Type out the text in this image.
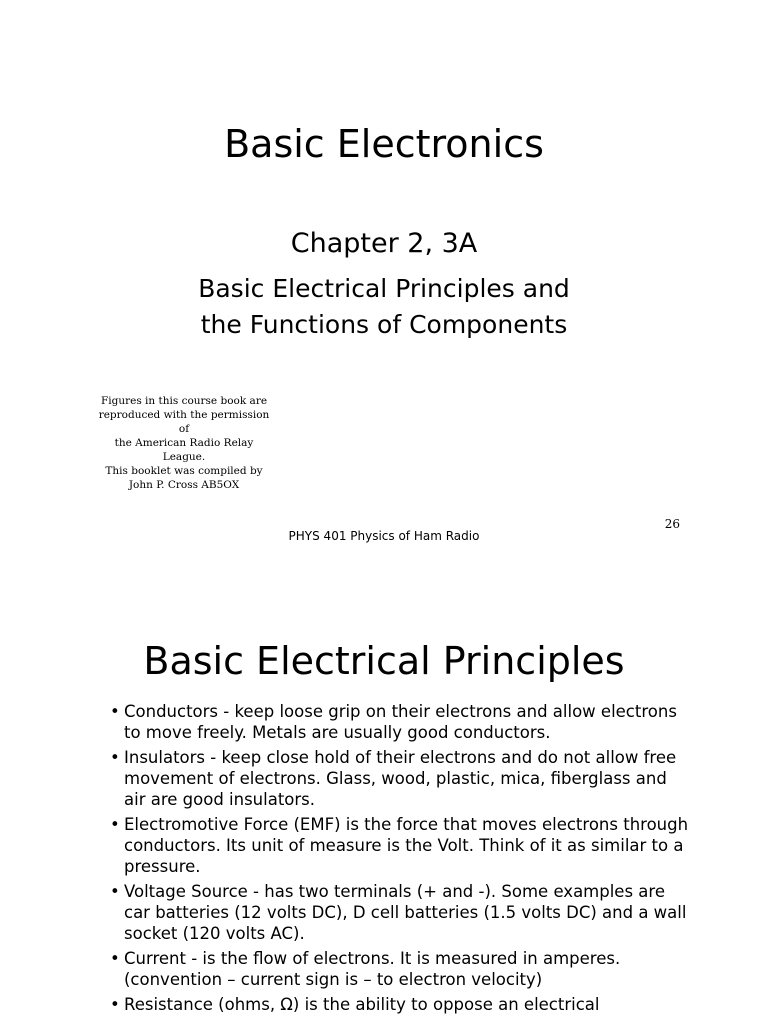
Basic Electronics
Chapter 2, 3A
Basic Electrical Principles and
the Functions of Components
Figures in this course book are
reproduced with the permission of
the American Radio Relay League.
This booklet was compiled by
John P. Cross AB5OX
26
PHYS 401 Physics of Ham Radio
Basic Electrical Principles
• Conductors - keep loose grip on their electrons and allow electrons to move freely. Metals are usually good conductors.
• Insulators - keep close hold of their electrons and do not allow free movement of electrons. Glass, wood, plastic, mica, fiberglass and air are good insulators.
• Electromotive Force (EMF) is the force that moves electrons through conductors. Its unit of measure is the Volt. Think of it as similar to a pressure.
• Voltage Source - has two terminals (+ and -). Some examples are car batteries (12 volts DC), D cell batteries (1.5 volts DC) and a wall socket (120 volts AC).
• Current - is the flow of electrons. It is measured in amperes. (convention – current sign is – to electron velocity)
• Resistance (ohms, Ω) is the ability to oppose an electrical
